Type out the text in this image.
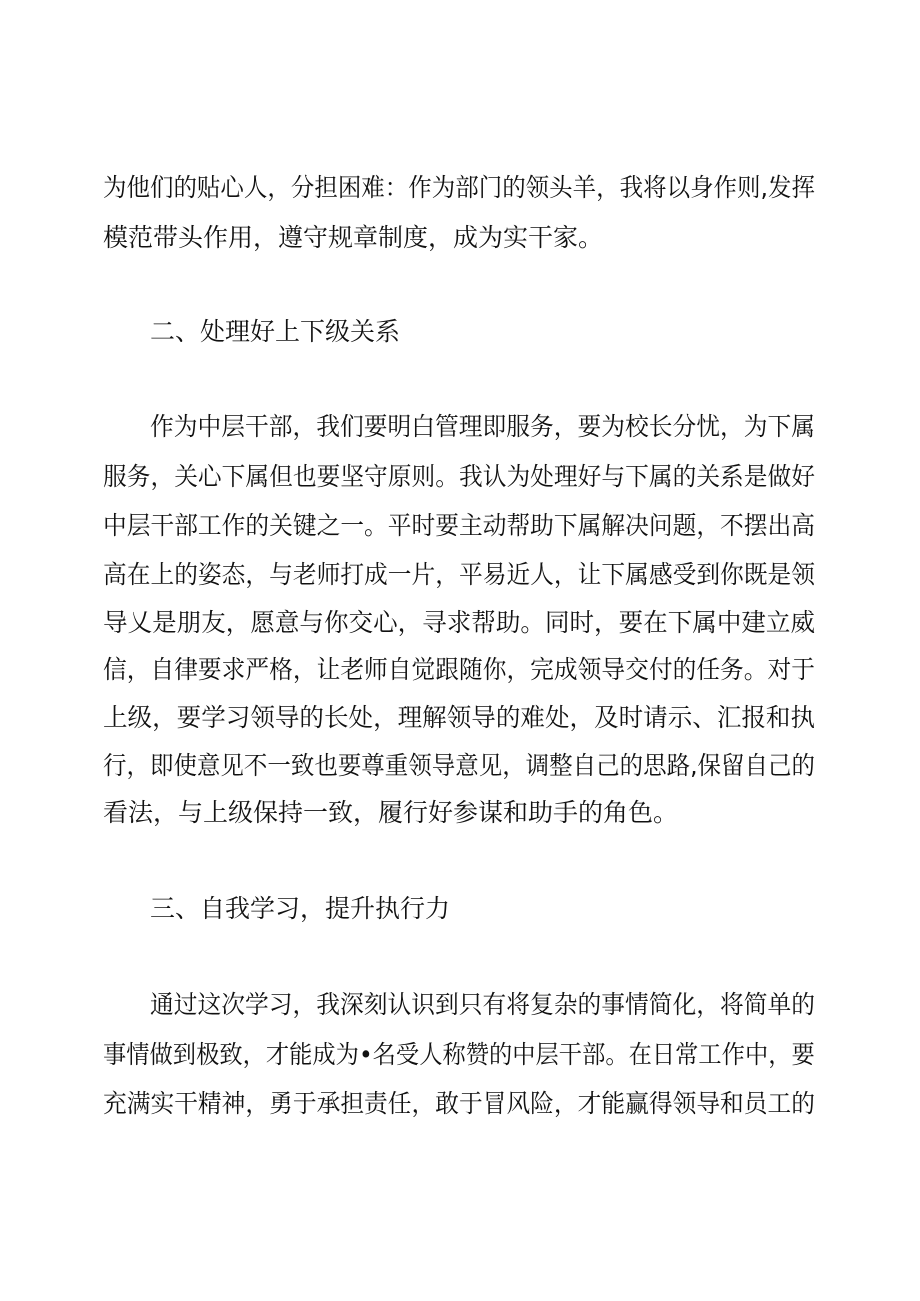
为他们的贴心人，分担困难：作为部门的领头羊，我将以身作则,发挥
模范带头作用，遵守规章制度，成为实干家。
二、处理好上下级关系
作为中层干部，我们要明白管理即服务，要为校长分忧，为下属
服务，关心下属但也要坚守原则。我认为处理好与下属的关系是做好
中层干部工作的关键之一。平时要主动帮助下属解决问题，不摆出高
高在上的姿态，与老师打成一片，平易近人，让下属感受到你既是领
导乂是朋友，愿意与你交心，寻求帮助。同时，要在下属中建立威
信，自律要求严格，让老师自觉跟随你，完成领导交付的任务。对于
上级，要学习领导的长处，理解领导的难处，及时请示、汇报和执
行，即使意见不一致也要尊重领导意见，调整自己的思路,保留自己的
看法，与上级保持一致，履行好参谋和助手的角色。
三、自我学习，提升执行力
通过这次学习，我深刻认识到只有将复杂的事情简化，将简单的
事情做到极致，才能成为•名受人称赞的中层干部。在日常工作中，要
充满实干精神，勇于承担责任，敢于冒风险，才能赢得领导和员工的
